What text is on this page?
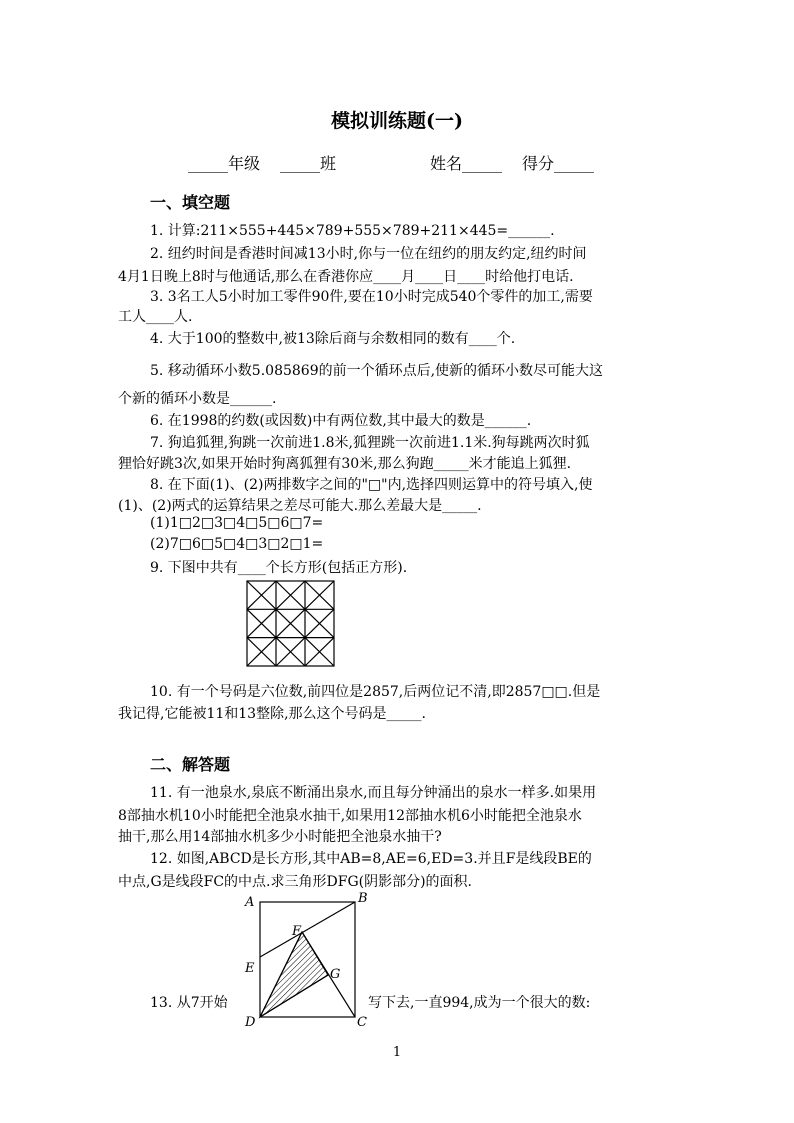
模拟训练题(一)
_____年级 _____班	姓名_____ 得分_____
一、填空题
1. 计算:211×555+445×789+555×789+211×445=______.
2. 纽约时间是香港时间减13小时,你与一位在纽约的朋友约定,纽约时间
4月1日晚上8时与他通话,那么在香港你应____月____日____时给他打电话.
3. 3名工人5小时加工零件90件,要在10小时完成540个零件的加工,需要
工人____人.
4. 大于100的整数中,被13除后商与余数相同的数有____个.
5. 移动循环小数5.085869的前一个循环点后,使新的循环小数尽可能大这
个新的循环小数是______.
6. 在1998的约数(或因数)中有两位数,其中最大的数是______.
7. 狗追狐狸,狗跳一次前进1.8米,狐狸跳一次前进1.1米.狗每跳两次时狐
狸恰好跳3次,如果开始时狗离狐狸有30米,那么狗跑_____米才能追上狐狸.
8. 在下面(1)、(2)两排数字之间的"□"内,选择四则运算中的符号填入,使
(1)、(2)两式的运算结果之差尽可能大.那么差最大是_____.
(1)1□2□3□4□5□6□7=
(2)7□6□5□4□3□2□1=
9. 下图中共有____个长方形(包括正方形).
10. 有一个号码是六位数,前四位是2857,后两位记不清,即2857□□.但是
我记得,它能被11和13整除,那么这个号码是_____.
二、解答题
11. 有一池泉水,泉底不断涌出泉水,而且每分钟涌出的泉水一样多.如果用
8部抽水机10小时能把全池泉水抽干,如果用12部抽水机6小时能把全池泉水
抽干,那么用14部抽水机多少小时能把全池泉水抽干?
12. 如图,ABCD是长方形,其中AB=8,AE=6,ED=3.并且F是线段BE的
中点,G是线段FC的中点.求三角形DFG(阴影部分)的面积.
A	B
C
D
E
F
G
13. 从7开始	写下去,一直994,成为一个很大的数:
1
